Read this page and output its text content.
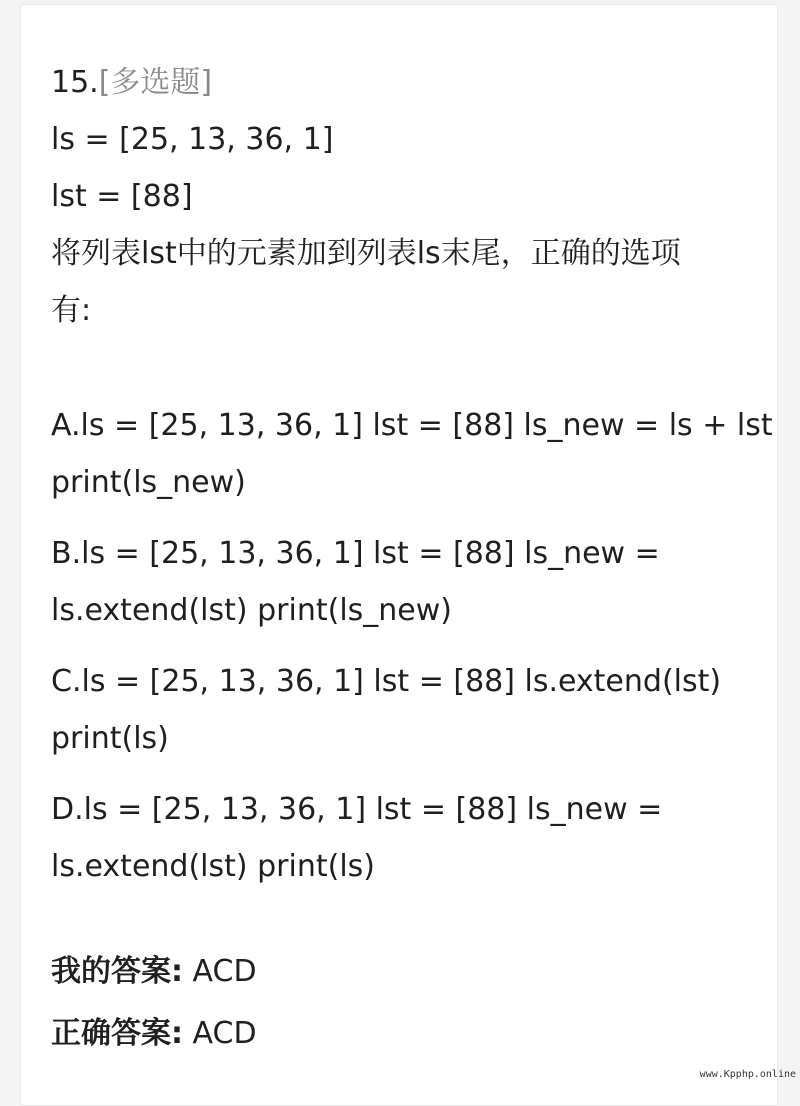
15.[多选题]
ls = [25, 13, 36, 1]
lst = [88]
将列表lst中的元素加到列表ls末尾，正确的选项
有:
A.ls = [25, 13, 36, 1] lst = [88] ls_new = ls + lst
print(ls_new)
B.ls = [25, 13, 36, 1] lst = [88] ls_new =
ls.extend(lst) print(ls_new)
C.ls = [25, 13, 36, 1] lst = [88] ls.extend(lst)
print(ls)
D.ls = [25, 13, 36, 1] lst = [88] ls_new =
ls.extend(lst) print(ls)
我的答案: ACD
正确答案: ACD
www.Kpphp.online
